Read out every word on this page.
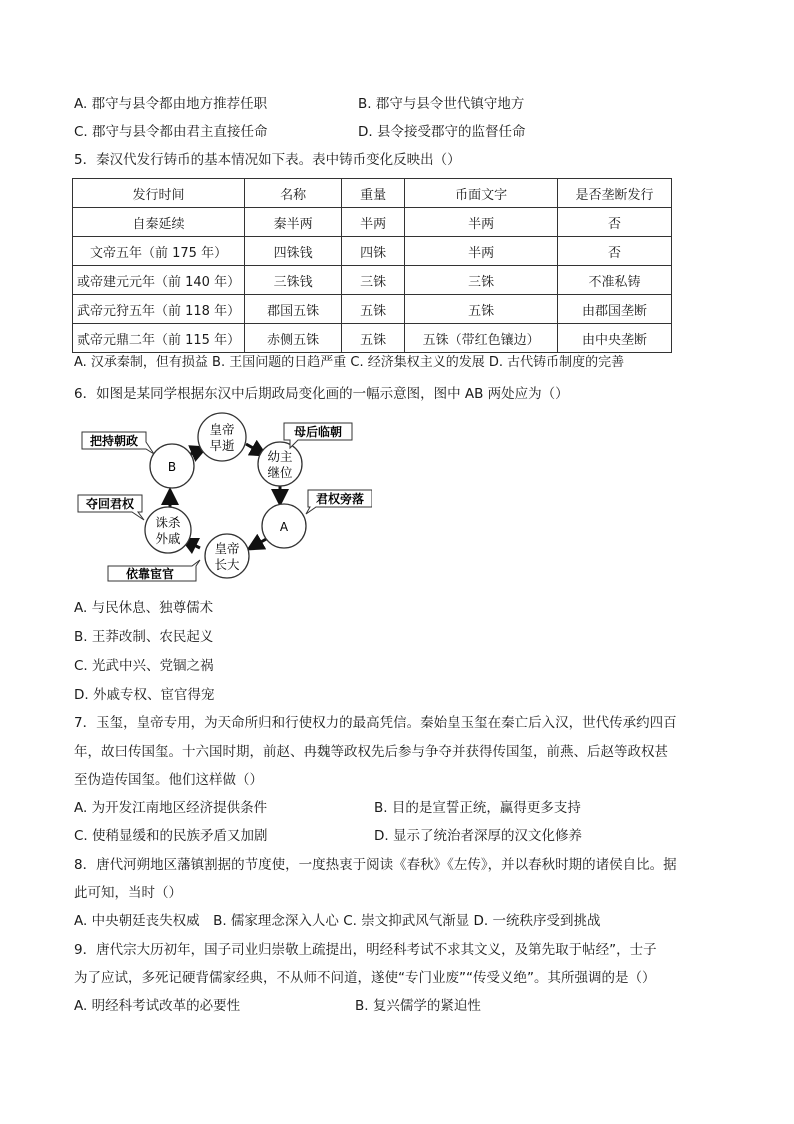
A. 郡守与县令都由地方推荐任职	B. 郡守与县令世代镇守地方
C. 郡守与县令都由君主直接任命	D. 县令接受郡守的监督任命
5．秦汉代发行铸币的基本情况如下表。表中铸币变化反映出（）
发行时间	名称	重量	币面文字	是否垄断发行
自秦延续	秦半两	半两	半两	否
文帝五年（前 175 年）	四铢钱	四铢	半两	否
或帝建元元年（前 140 年）	三铢钱	三铢	三铢	不准私铸
武帝元狩五年（前 118 年）	郡国五铢	五铢	五铢	由郡国垄断
贰帝元鼎二年（前 115 年）	赤侧五铢	五铢	五铢（带红色镶边）	由中央垄断
A. 汉承秦制，但有损益 B. 王国问题的日趋严重 C. 经济集权主义的发展 D. 古代铸币制度的完善
6．如图是某同学根据东汉中后期政局变化画的一幅示意图，图中 AB 两处应为（）
皇帝
早逝
幼主
继位
A
皇帝
长大
诛杀
外戚
B
母后临朝
君权旁落
依靠宦官
夺回君权
把持朝政
A. 与民休息、独尊儒术
B. 王莽改制、农民起义
C. 光武中兴、党锢之祸
D. 外戚专权、宦官得宠
7．玉玺，皇帝专用，为天命所归和行使权力的最高凭信。秦始皇玉玺在秦亡后入汉，世代传承约四百
年，故曰传国玺。十六国时期，前赵、冉魏等政权先后参与争夺并获得传国玺，前燕、后赵等政权甚
至伪造传国玺。他们这样做（）
A. 为开发江南地区经济提供条件	B. 目的是宣誓正统，赢得更多支持
C. 使稍显缓和的民族矛盾又加剧	D. 显示了统治者深厚的汉文化修养
8．唐代河朔地区藩镇割据的节度使，一度热衷于阅读《春秋》《左传》，并以春秋时期的诸侯自比。据
此可知，当时（）
A. 中央朝廷丧失权威　B. 儒家理念深入人心 C. 崇文抑武风气渐显 D. 一统秩序受到挑战
9．唐代宗大历初年，国子司业归崇敬上疏提出，明经科考试不求其文义，及第先取于帖经”，士子
为了应试，多死记硬背儒家经典，不从师不问道，遂使“专门业废”“传受义绝”。其所强调的是（）
A. 明经科考试改革的必要性	B. 复兴儒学的紧迫性
